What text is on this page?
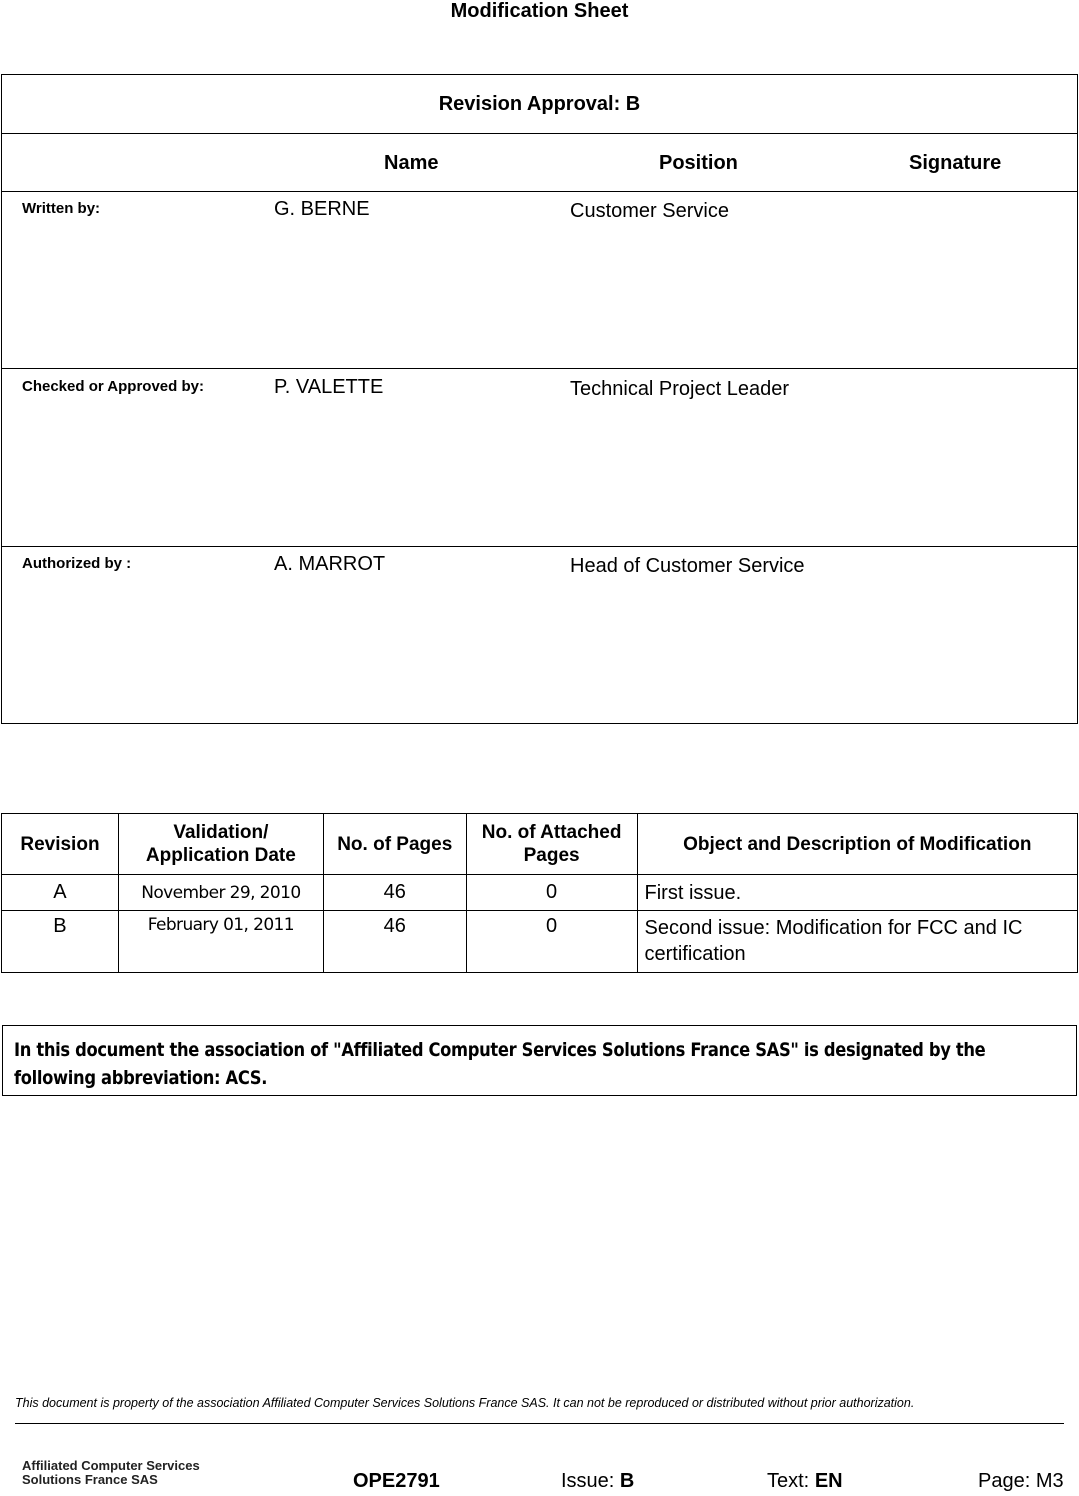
Modification Sheet
Revision Approval: B
Name	Position	Signature
Written by:	G. BERNE	Customer Service
Checked or Approved by:	P. VALETTE	Technical Project Leader
Authorized by :	A. MARROT	Head of Customer Service
Revision	Validation/ Application Date	No. of Pages	No. of Attached Pages	Object and Description of Modification
A	November 29, 2010	46	0	First issue.
B	February 01, 2011	46	0	Second issue: Modification for FCC and IC certification
In this document the association of "Affiliated Computer Services Solutions France SAS" is designated by the following abbreviation: ACS.
This document is property of the association Affiliated Computer Services Solutions France SAS. It can not be reproduced or distributed without prior authorization.
Affiliated Computer Services
Solutions France SAS	OPE2791	Issue: B	Text: EN	Page: M3
